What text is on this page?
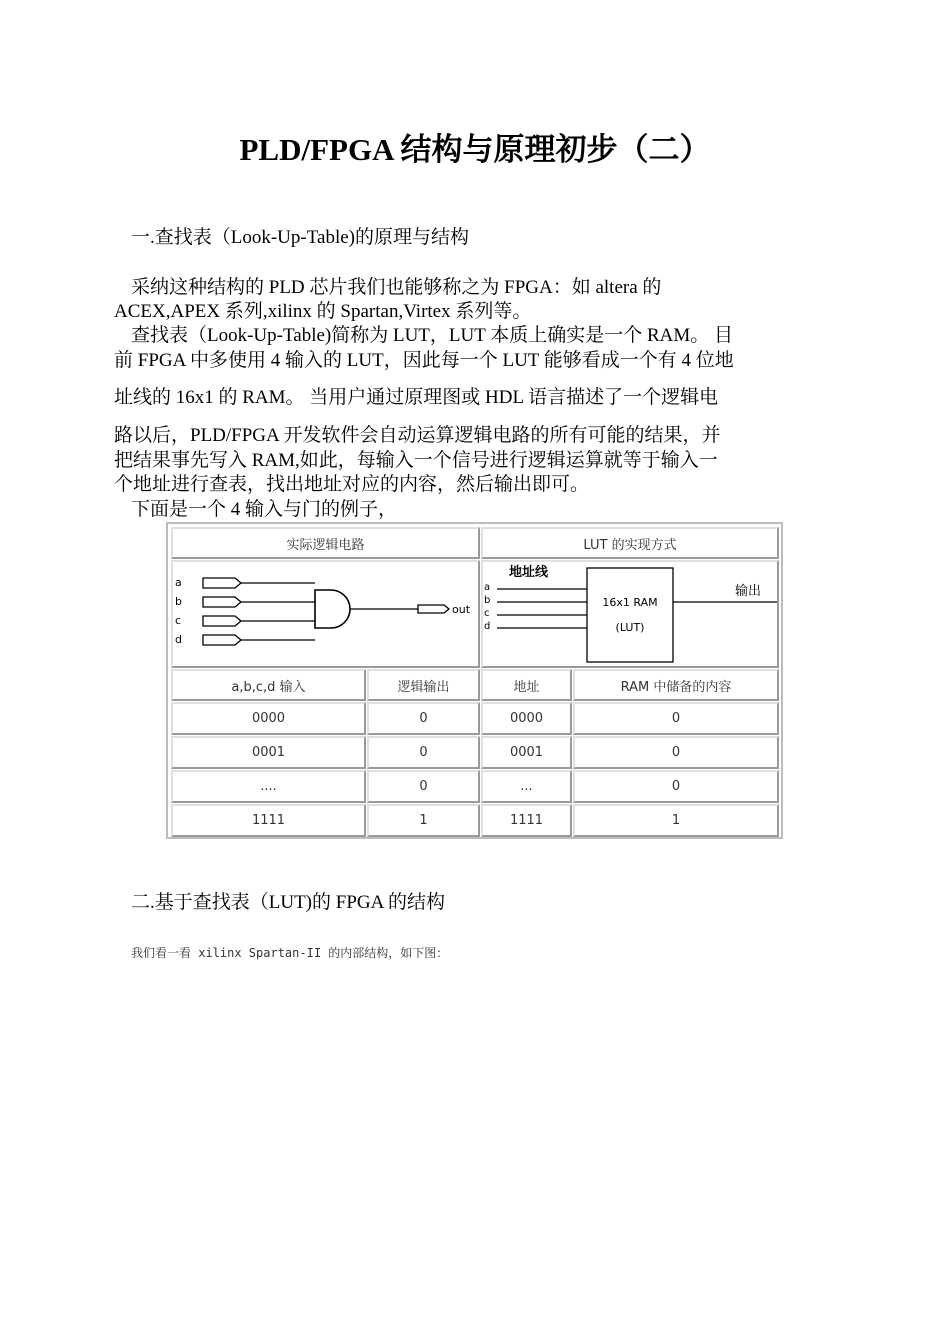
PLD/FPGA 结构与原理初步（二）
一.查找表（Look-Up-Table)的原理与结构
采纳这种结构的 PLD 芯片我们也能够称之为 FPGA：如 altera 的
ACEX,APEX 系列,xilinx 的 Spartan,Virtex 系列等。
查找表（Look-Up-Table)简称为 LUT，LUT 本质上确实是一个 RAM。 目
前 FPGA 中多使用 4 输入的 LUT，因此每一个 LUT 能够看成一个有 4 位地
址线的 16x1 的 RAM。 当用户通过原理图或 HDL 语言描述了一个逻辑电
路以后，PLD/FPGA 开发软件会自动运算逻辑电路的所有可能的结果，并
把结果事先写入 RAM,如此，每输入一个信号进行逻辑运算就等于输入一
个地址进行查表，找出地址对应的内容，然后输出即可。
下面是一个 4 输入与门的例子，
实际逻辑电路	LUT 的实现方式
a
b
c
d
out
地址线
a
b
c
d
16x1 RAM
(LUT)
输出
a,b,c,d 输入	逻辑输出	地址	RAM 中储备的内容
0000	0	0000	0
0001	0	0001	0
....	0	...	0
1111	1	1111	1
二.基于查找表（LUT)的 FPGA 的结构
我们看一看 xilinx Spartan-II 的内部结构，如下图：
